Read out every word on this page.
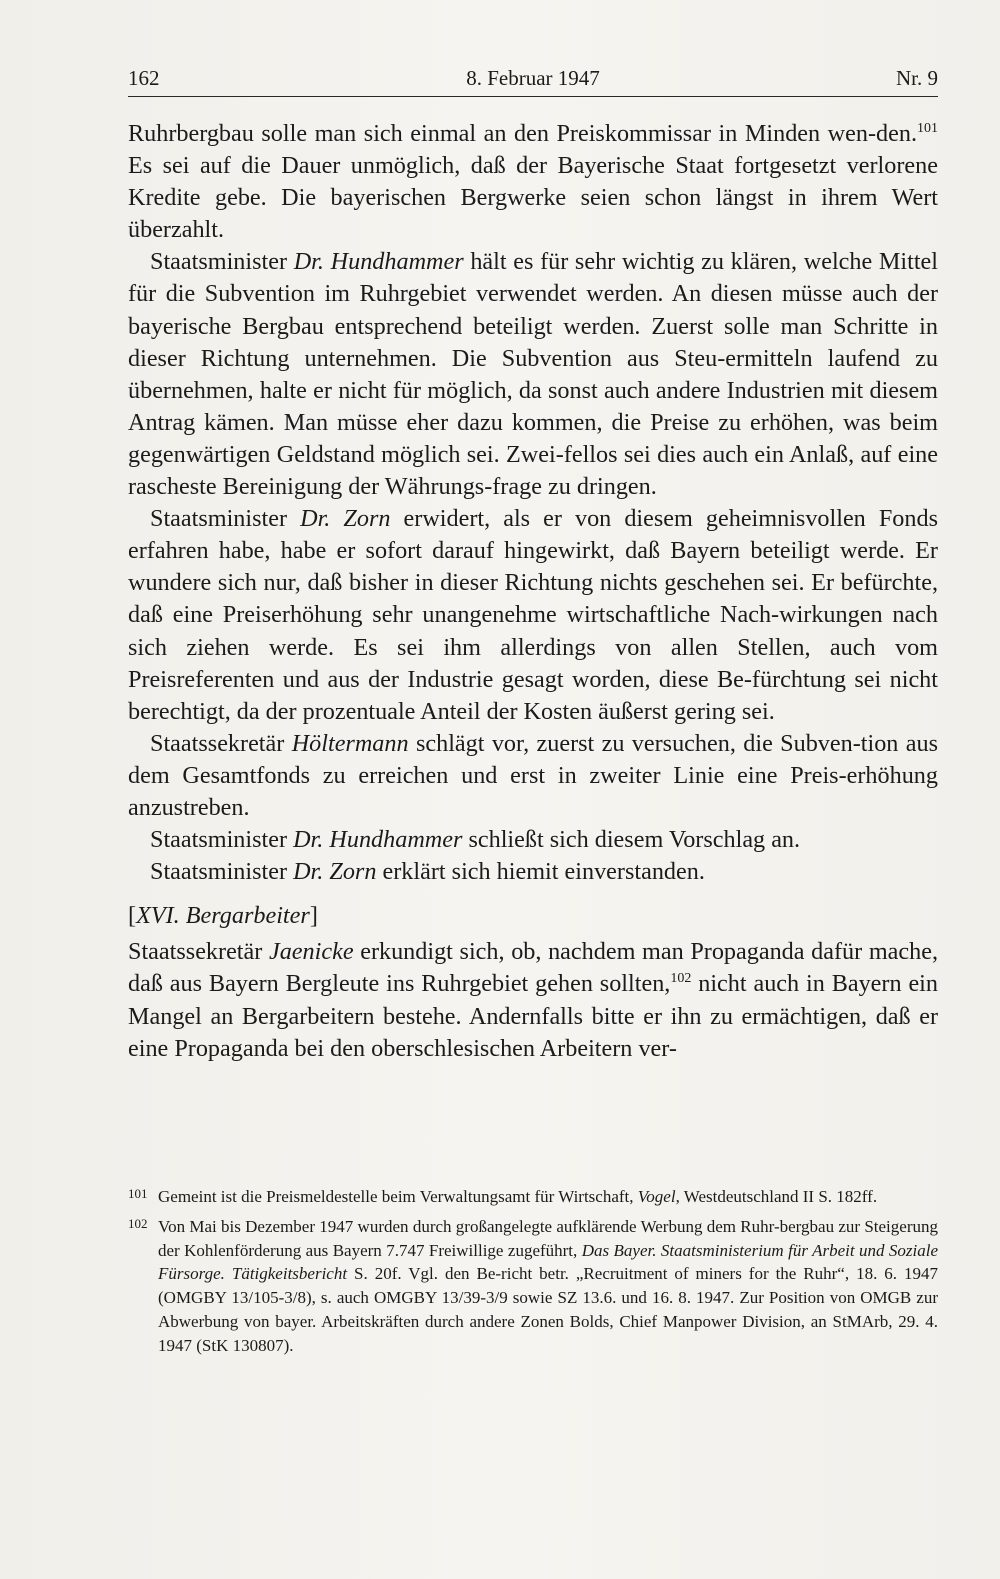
162	8. Februar 1947	Nr. 9

Ruhrbergbau solle man sich einmal an den Preiskommissar in Minden wen-den.$^{101}$ Es sei auf die Dauer unmöglich, daß der Bayerische Staat fortgesetzt verlorene Kredite gebe. Die bayerischen Bergwerke seien schon längst in ihrem Wert überzahlt.

Staatsminister Dr. Hundhammer hält es für sehr wichtig zu klären, welche Mittel für die Subvention im Ruhrgebiet verwendet werden. An diesen müsse auch der bayerische Bergbau entsprechend beteiligt werden. Zuerst solle man Schritte in dieser Richtung unternehmen. Die Subvention aus Steu-ermitteln laufend zu übernehmen, halte er nicht für möglich, da sonst auch andere Industrien mit diesem Antrag kämen. Man müsse eher dazu kommen, die Preise zu erhöhen, was beim gegenwärtigen Geldstand möglich sei. Zwei-fellos sei dies auch ein Anlaß, auf eine rascheste Bereinigung der Währungs-frage zu dringen.

Staatsminister Dr. Zorn erwidert, als er von diesem geheimnisvollen Fonds erfahren habe, habe er sofort darauf hingewirkt, daß Bayern beteiligt werde. Er wundere sich nur, daß bisher in dieser Richtung nichts geschehen sei. Er befürchte, daß eine Preiserhöhung sehr unangenehme wirtschaftliche Nach-wirkungen nach sich ziehen werde. Es sei ihm allerdings von allen Stellen, auch vom Preisreferenten und aus der Industrie gesagt worden, diese Be-fürchtung sei nicht berechtigt, da der prozentuale Anteil der Kosten äußerst gering sei.

Staatssekretär Höltermann schlägt vor, zuerst zu versuchen, die Subven-tion aus dem Gesamtfonds zu erreichen und erst in zweiter Linie eine Preis-erhöhung anzustreben.

Staatsminister Dr. Hundhammer schließt sich diesem Vorschlag an.

Staatsminister Dr. Zorn erklärt sich hiemit einverstanden.

[XVI. Bergarbeiter]

Staatssekretär Jaenicke erkundigt sich, ob, nachdem man Propaganda dafür mache, daß aus Bayern Bergleute ins Ruhrgebiet gehen sollten,$^{102}$ nicht auch in Bayern ein Mangel an Bergarbeitern bestehe. Andernfalls bitte er ihn zu ermächtigen, daß er eine Propaganda bei den oberschlesischen Arbeitern ver-

101 Gemeint ist die Preismeldestelle beim Verwaltungsamt für Wirtschaft, Vogel, Westdeutschland II S. 182ff.
102 Von Mai bis Dezember 1947 wurden durch großangelegte aufklärende Werbung dem Ruhr-bergbau zur Steigerung der Kohlenförderung aus Bayern 7.747 Freiwillige zugeführt, Das Bayer. Staatsministerium für Arbeit und Soziale Fürsorge. Tätigkeitsbericht S. 20f. Vgl. den Be-richt betr. „Recruitment of miners for the Ruhr“, 18. 6. 1947 (OMGBY 13/105-3/8), s. auch OMGBY 13/39-3/9 sowie SZ 13.6. und 16. 8. 1947. Zur Position von OMGB zur Abwerbung von bayer. Arbeitskräften durch andere Zonen Bolds, Chief Manpower Division, an StMArb, 29. 4. 1947 (StK 130807).
